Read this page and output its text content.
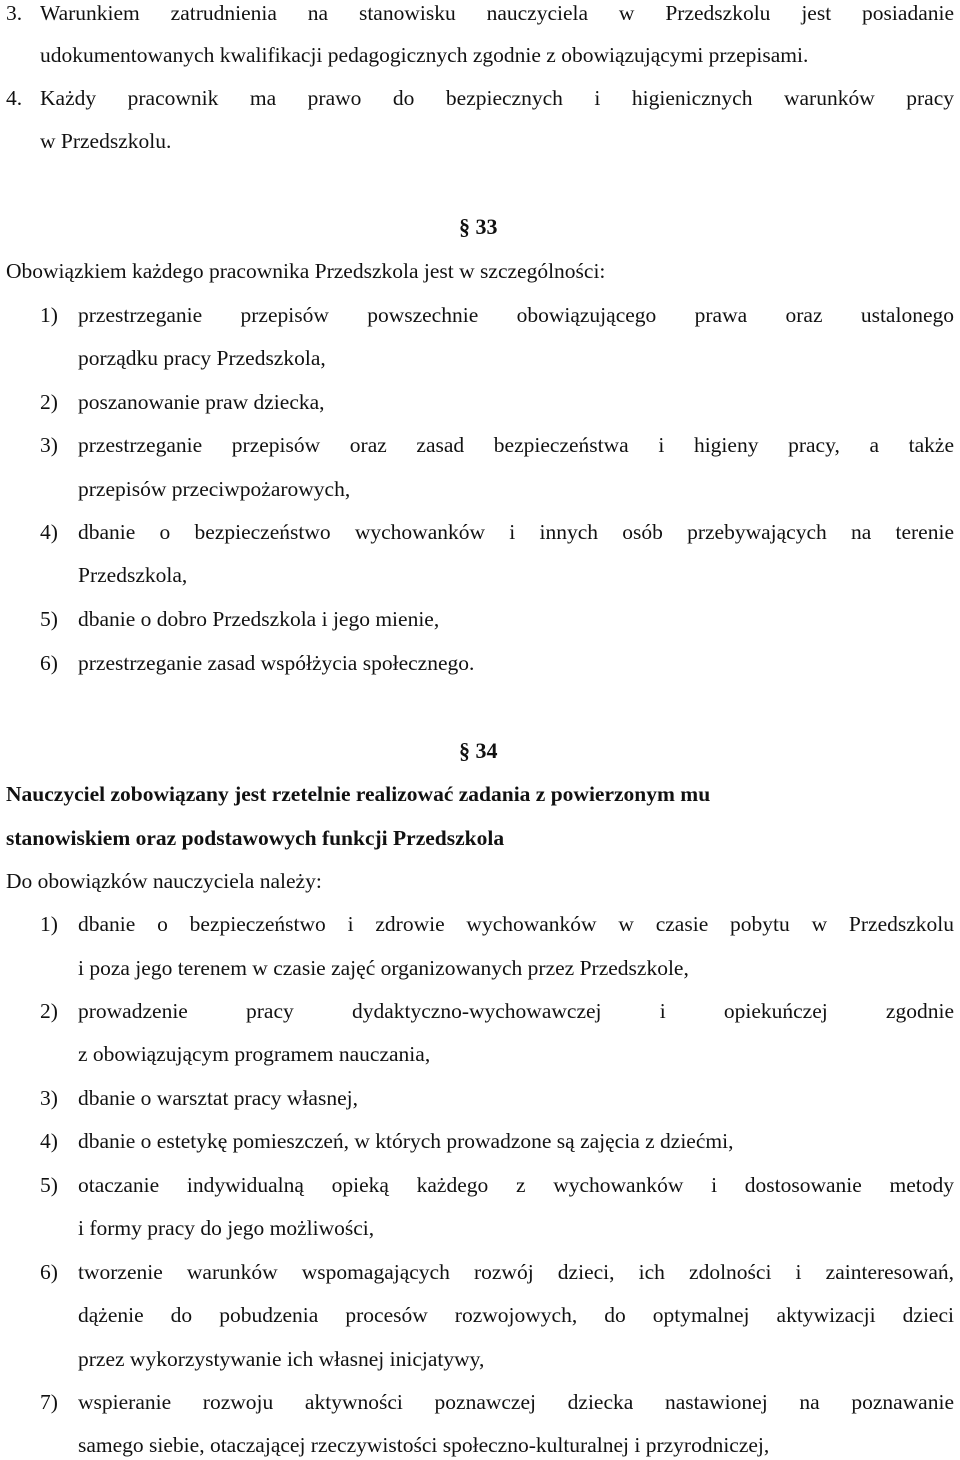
3. Warunkiem zatrudnienia na stanowisku nauczyciela w Przedszkolu jest posiadanie
udokumentowanych kwalifikacji pedagogicznych zgodnie z obowiązującymi przepisami.
4. Każdy pracownik ma prawo do bezpiecznych i higienicznych warunków pracy
w Przedszkolu.
§ 33
Obowiązkiem każdego pracownika Przedszkola jest w szczególności:
1) przestrzeganie przepisów powszechnie obowiązującego prawa oraz ustalonego
porządku pracy Przedszkola,
2) poszanowanie praw dziecka,
3) przestrzeganie przepisów oraz zasad bezpieczeństwa i higieny pracy, a także
przepisów przeciwpożarowych,
4) dbanie o bezpieczeństwo wychowanków i innych osób przebywających na terenie
Przedszkola,
5) dbanie o dobro Przedszkola i jego mienie,
6) przestrzeganie zasad współżycia społecznego.
§ 34
Nauczyciel zobowiązany jest rzetelnie realizować zadania z powierzonym mu
stanowiskiem oraz podstawowych funkcji Przedszkola
Do obowiązków nauczyciela należy:
1) dbanie o bezpieczeństwo i zdrowie wychowanków w czasie pobytu w Przedszkolu
i poza jego terenem w czasie zajęć organizowanych przez Przedszkole,
2) prowadzenie pracy dydaktyczno-wychowawczej i opiekuńczej zgodnie
z obowiązującym programem nauczania,
3) dbanie o warsztat pracy własnej,
4) dbanie o estetykę pomieszczeń, w których prowadzone są zajęcia z dziećmi,
5) otaczanie indywidualną opieką każdego z wychowanków i dostosowanie metody
i formy pracy do jego możliwości,
6) tworzenie warunków wspomagających rozwój dzieci, ich zdolności i zainteresowań,
dążenie do pobudzenia procesów rozwojowych, do optymalnej aktywizacji dzieci
przez wykorzystywanie ich własnej inicjatywy,
7) wspieranie rozwoju aktywności poznawczej dziecka nastawionej na poznawanie
samego siebie, otaczającej rzeczywistości społeczno-kulturalnej i przyrodniczej,
